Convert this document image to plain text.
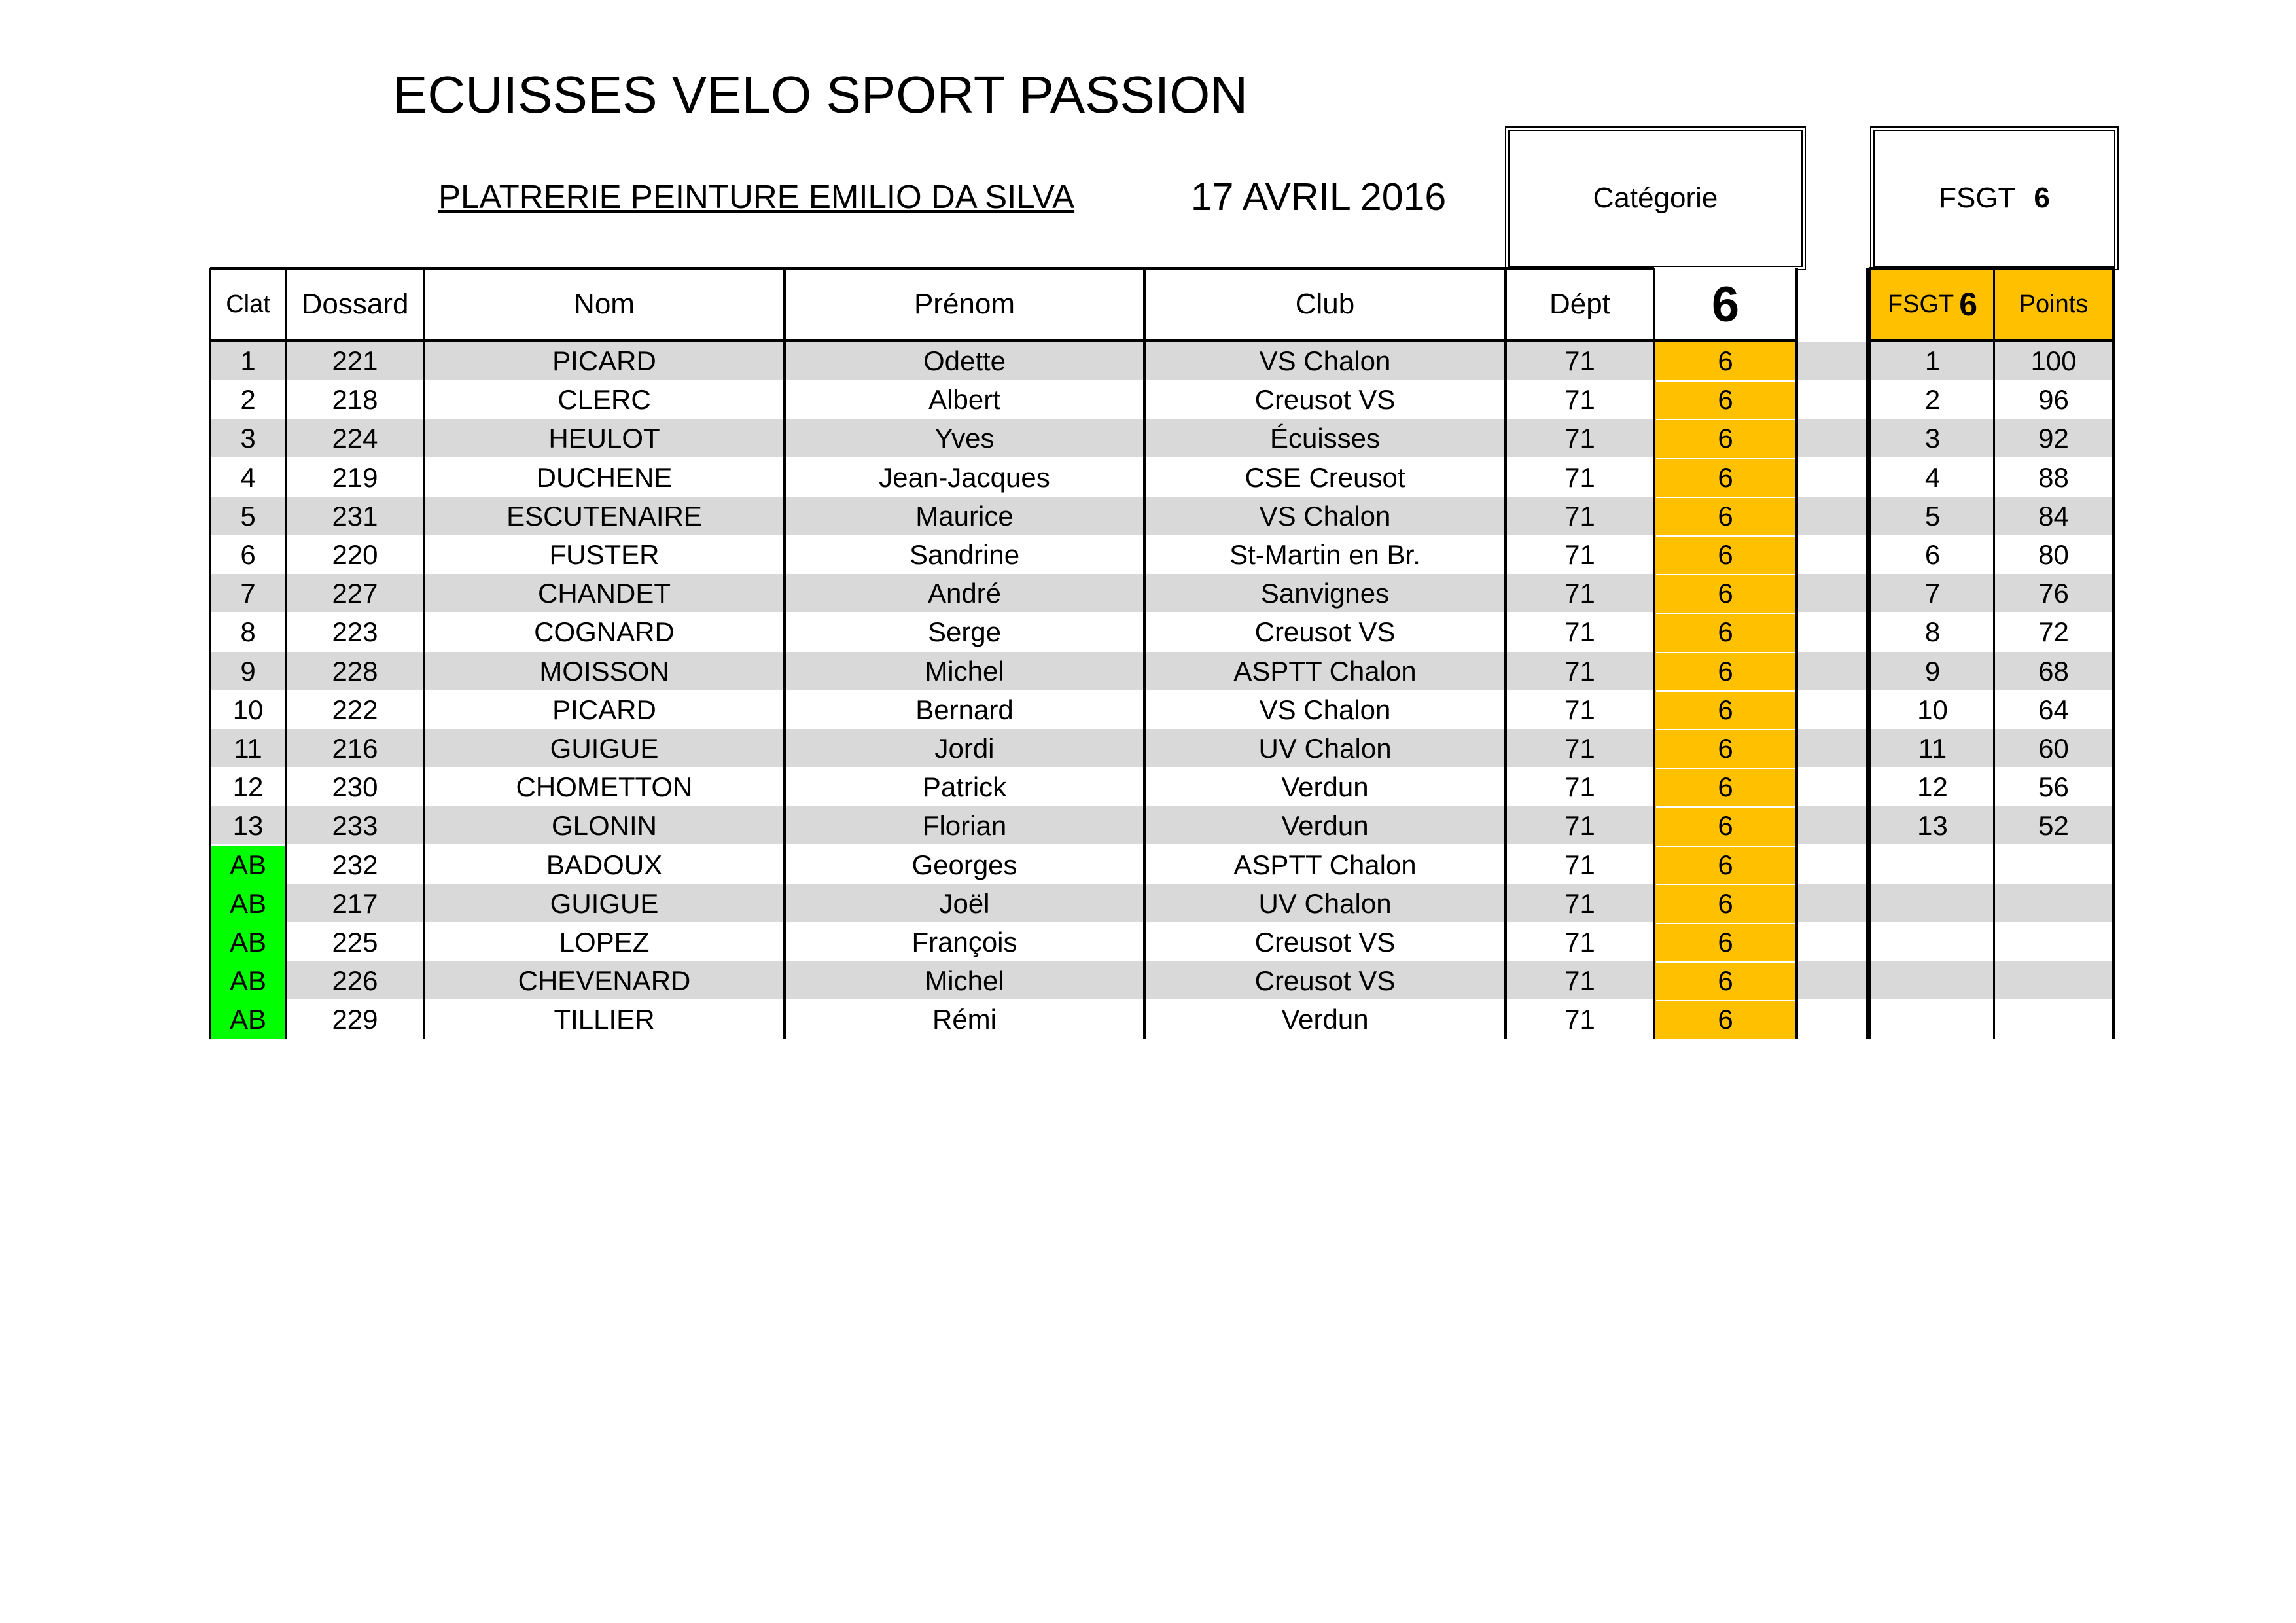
ECUISSES VELO SPORT PASSION
PLATRERIE PEINTURE EMILIO DA SILVA	17 AVRIL 2016	Catégorie	FSGT 6
Clat	Dossard	Nom	Prénom	Club	Dépt	6	FSGT 6	Points
1	221	PICARD	Odette	VS Chalon	71	6	1	100
2	218	CLERC	Albert	Creusot VS	71	6	2	96
3	224	HEULOT	Yves	Écuisses	71	6	3	92
4	219	DUCHENE	Jean-Jacques	CSE Creusot	71	6	4	88
5	231	ESCUTENAIRE	Maurice	VS Chalon	71	6	5	84
6	220	FUSTER	Sandrine	St-Martin en Br.	71	6	6	80
7	227	CHANDET	André	Sanvignes	71	6	7	76
8	223	COGNARD	Serge	Creusot VS	71	6	8	72
9	228	MOISSON	Michel	ASPTT Chalon	71	6	9	68
10	222	PICARD	Bernard	VS Chalon	71	6	10	64
11	216	GUIGUE	Jordi	UV Chalon	71	6	11	60
12	230	CHOMETTON	Patrick	Verdun	71	6	12	56
13	233	GLONIN	Florian	Verdun	71	6	13	52
AB	232	BADOUX	Georges	ASPTT Chalon	71	6
AB	217	GUIGUE	Joël	UV Chalon	71	6
AB	225	LOPEZ	François	Creusot VS	71	6
AB	226	CHEVENARD	Michel	Creusot VS	71	6
AB	229	TILLIER	Rémi	Verdun	71	6
